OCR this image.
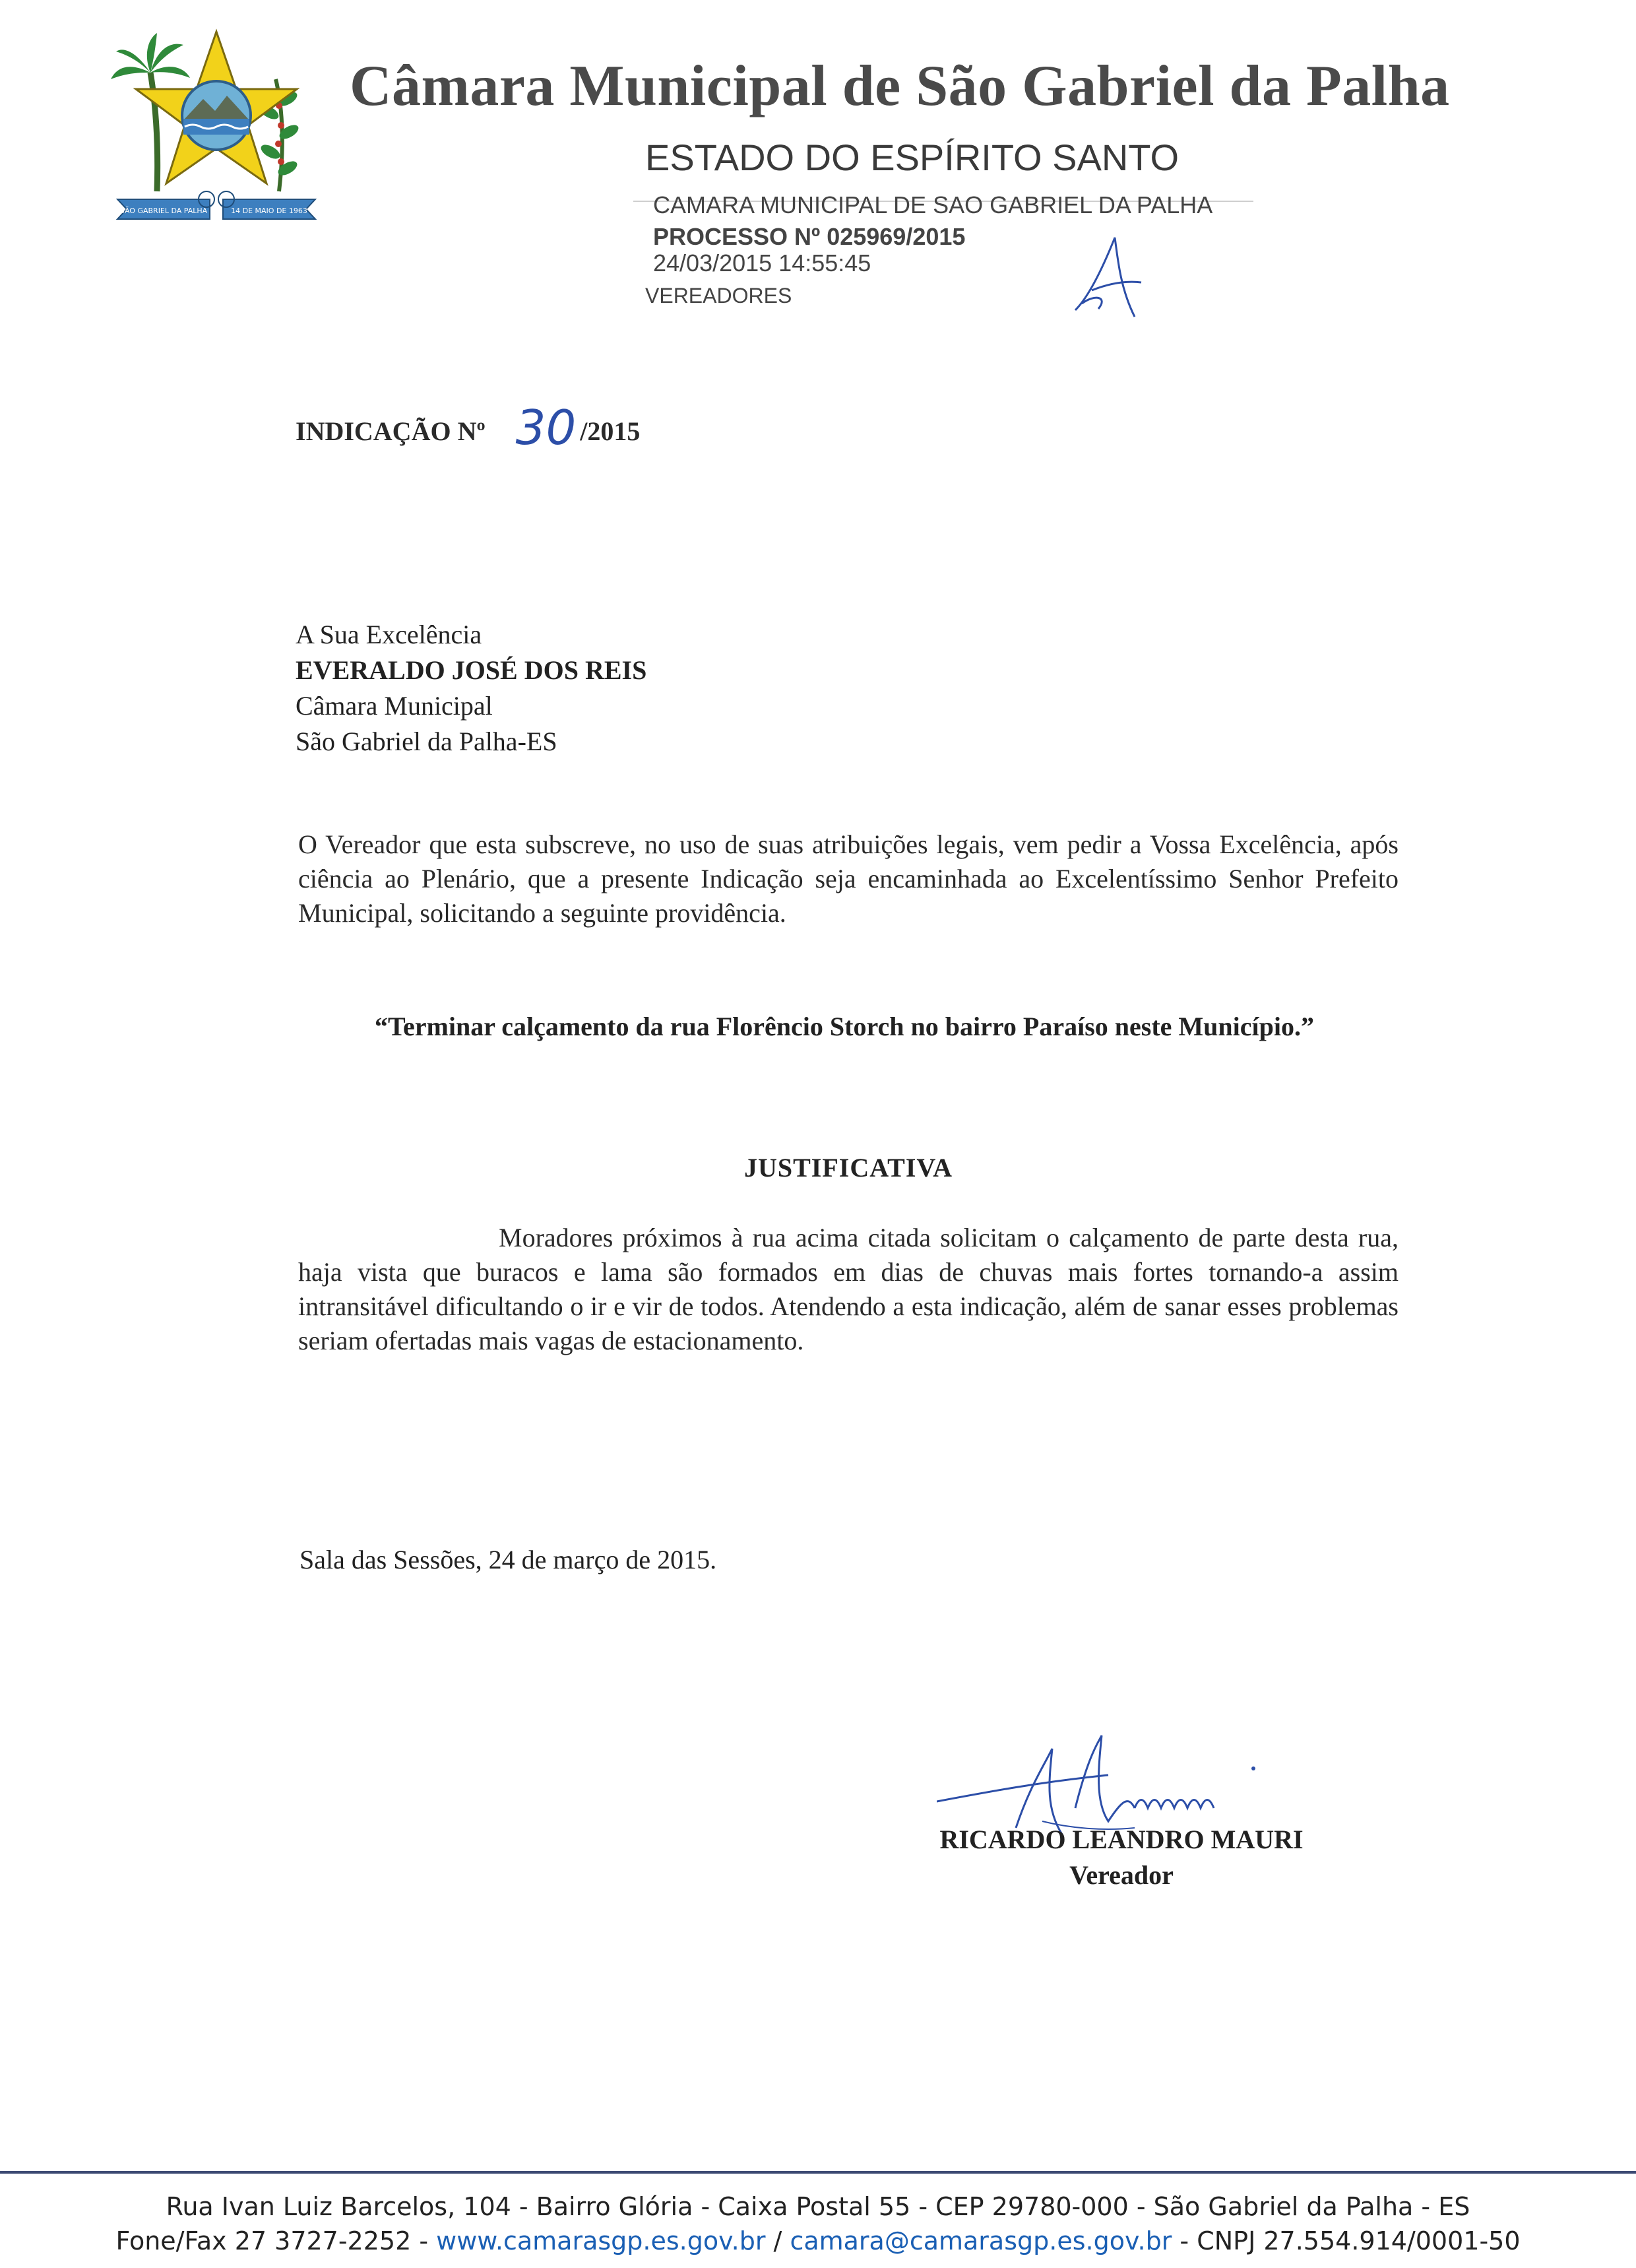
SÃO GABRIEL DA PALHA	14 DE MAIO DE 1963
Câmara Municipal de São Gabriel da Palha
ESTADO DO ESPÍRITO SANTO
CAMARA MUNICIPAL DE SAO GABRIEL DA PALHA
PROCESSO Nº 025969/2015
24/03/2015 14:55:45
VEREADORES
INDICAÇÃO Nº 30 /2015
A Sua Excelência
EVERALDO JOSÉ DOS REIS
Câmara Municipal
São Gabriel da Palha-ES
O Vereador que esta subscreve, no uso de suas atribuições legais, vem pedir a Vossa Excelência, após ciência ao Plenário, que a presente Indicação seja encaminhada ao Excelentíssimo Senhor Prefeito Municipal, solicitando a seguinte providência.
“Terminar calçamento da rua Florêncio Storch no bairro Paraíso neste Município.”
JUSTIFICATIVA
Moradores próximos à rua acima citada solicitam o calçamento de parte desta rua, haja vista que buracos e lama são formados em dias de chuvas mais fortes tornando-a assim intransitável dificultando o ir e vir de todos. Atendendo a esta indicação, além de sanar esses problemas seriam ofertadas mais vagas de estacionamento.
Sala das Sessões, 24 de março de 2015.
RICARDO LEANDRO MAURI
Vereador
Rua Ivan Luiz Barcelos, 104 - Bairro Glória - Caixa Postal 55 - CEP 29780-000 - São Gabriel da Palha - ES
Fone/Fax 27 3727-2252 - www.camarasgp.es.gov.br / camara@camarasgp.es.gov.br - CNPJ 27.554.914/0001-50
